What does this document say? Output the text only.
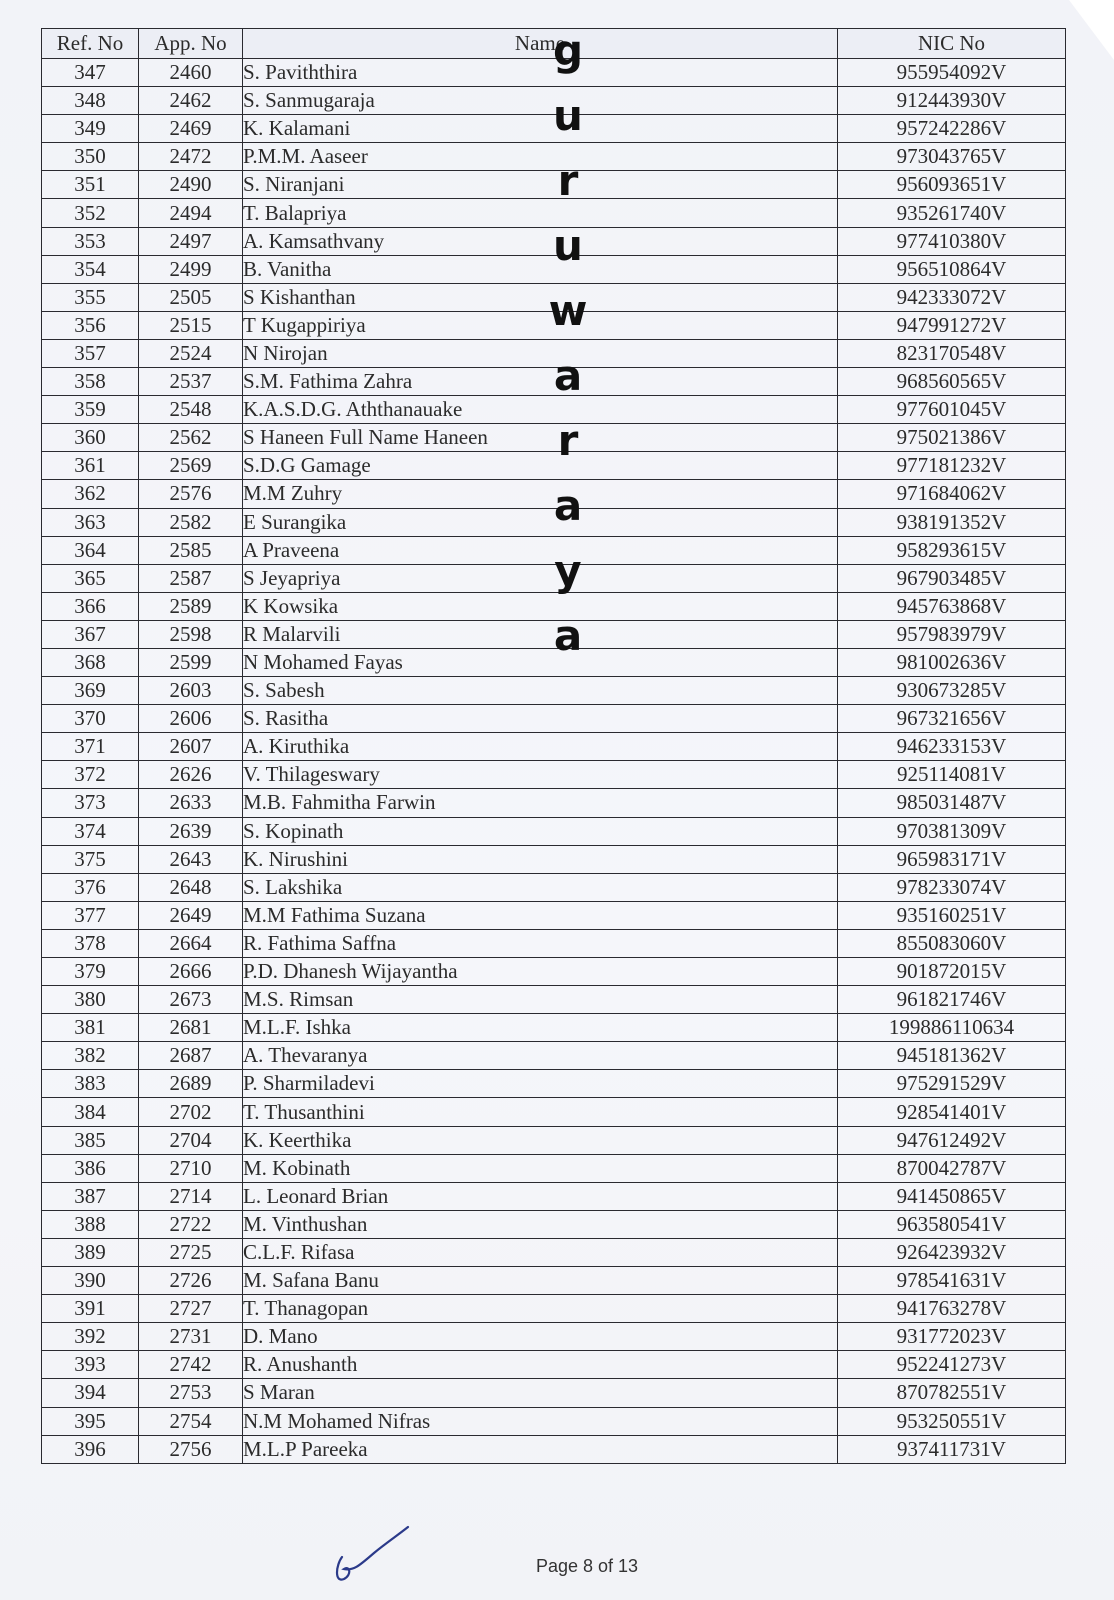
Ref. No	App. No	Name	NIC No
347	2460	S. Paviththira	955954092V
348	2462	S. Sanmugaraja	912443930V
349	2469	K. Kalamani	957242286V
350	2472	P.M.M. Aaseer	973043765V
351	2490	S. Niranjani	956093651V
352	2494	T. Balapriya	935261740V
353	2497	A. Kamsathvany	977410380V
354	2499	B. Vanitha	956510864V
355	2505	S Kishanthan	942333072V
356	2515	T Kugappiriya	947991272V
357	2524	N Nirojan	823170548V
358	2537	S.M. Fathima Zahra	968560565V
359	2548	K.A.S.D.G. Aththanauake	977601045V
360	2562	S Haneen Full Name Haneen	975021386V
361	2569	S.D.G Gamage	977181232V
362	2576	M.M Zuhry	971684062V
363	2582	E Surangika	938191352V
364	2585	A Praveena	958293615V
365	2587	S Jeyapriya	967903485V
366	2589	K Kowsika	945763868V
367	2598	R Malarvili	957983979V
368	2599	N Mohamed Fayas	981002636V
369	2603	S. Sabesh	930673285V
370	2606	S. Rasitha	967321656V
371	2607	A. Kiruthika	946233153V
372	2626	V. Thilageswary	925114081V
373	2633	M.B. Fahmitha Farwin	985031487V
374	2639	S. Kopinath	970381309V
375	2643	K. Nirushini	965983171V
376	2648	S. Lakshika	978233074V
377	2649	M.M Fathima Suzana	935160251V
378	2664	R. Fathima Saffna	855083060V
379	2666	P.D. Dhanesh Wijayantha	901872015V
380	2673	M.S. Rimsan	961821746V
381	2681	M.L.F. Ishka	199886110634
382	2687	A. Thevaranya	945181362V
383	2689	P. Sharmiladevi	975291529V
384	2702	T. Thusanthini	928541401V
385	2704	K. Keerthika	947612492V
386	2710	M. Kobinath	870042787V
387	2714	L. Leonard Brian	941450865V
388	2722	M. Vinthushan	963580541V
389	2725	C.L.F. Rifasa	926423932V
390	2726	M. Safana Banu	978541631V
391	2727	T. Thanagopan	941763278V
392	2731	D. Mano	931772023V
393	2742	R. Anushanth	952241273V
394	2753	S Maran	870782551V
395	2754	N.M Mohamed Nifras	953250551V
396	2756	M.L.P Pareeka	937411731V
g
u
r
u
w
a
r
a
y
a
Page 8 of 13
